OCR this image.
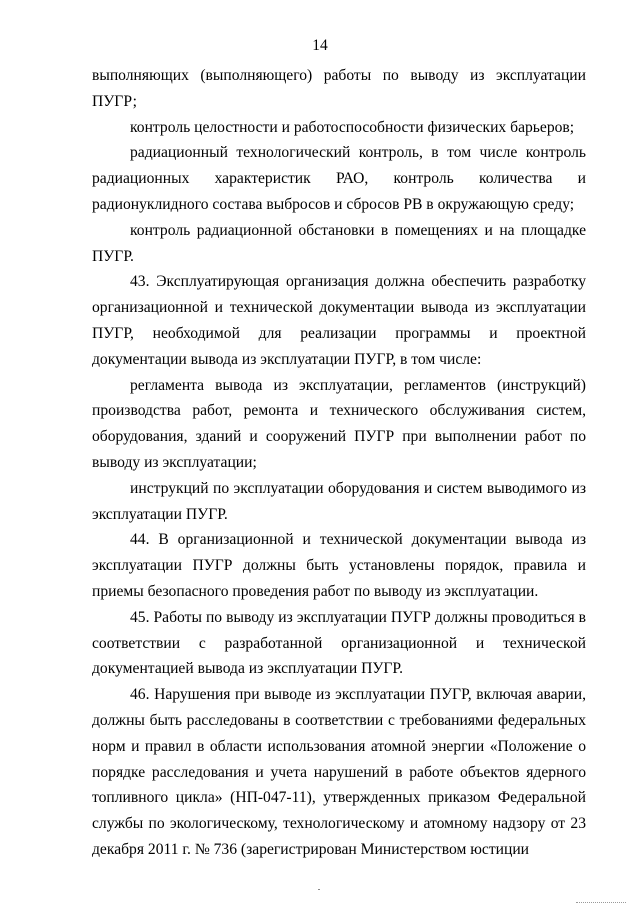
14

выполняющих (выполняющего) работы по выводу из эксплуатации ПУГР;

контроль целостности и работоспособности физических барьеров;

радиационный технологический контроль, в том числе контроль радиационных характеристик РАО, контроль количества и радионуклидного состава выбросов и сбросов РВ в окружающую среду;

контроль радиационной обстановки в помещениях и на площадке ПУГР.

43. Эксплуатирующая организация должна обеспечить разработку организационной и технической документации вывода из эксплуатации ПУГР, необходимой для реализации программы и проектной документации вывода из эксплуатации ПУГР, в том числе:

регламента вывода из эксплуатации, регламентов (инструкций) производства работ, ремонта и технического обслуживания систем, оборудования, зданий и сооружений ПУГР при выполнении работ по выводу из эксплуатации;

инструкций по эксплуатации оборудования и систем выводимого из эксплуатации ПУГР.

44. В организационной и технической документации вывода из эксплуатации ПУГР должны быть установлены порядок, правила и приемы безопасного проведения работ по выводу из эксплуатации.

45. Работы по выводу из эксплуатации ПУГР должны проводиться в соответствии с разработанной организационной и технической документацией вывода из эксплуатации ПУГР.

46. Нарушения при выводе из эксплуатации ПУГР, включая аварии, должны быть расследованы в соответствии с требованиями федеральных норм и правил в области использования атомной энергии «Положение о порядке расследования и учета нарушений в работе объектов ядерного топливного цикла» (НП-047-11), утвержденных приказом Федеральной службы по экологическому, технологическому и атомному надзору от 23 декабря 2011 г. № 736 (зарегистрирован Министерством юстиции
